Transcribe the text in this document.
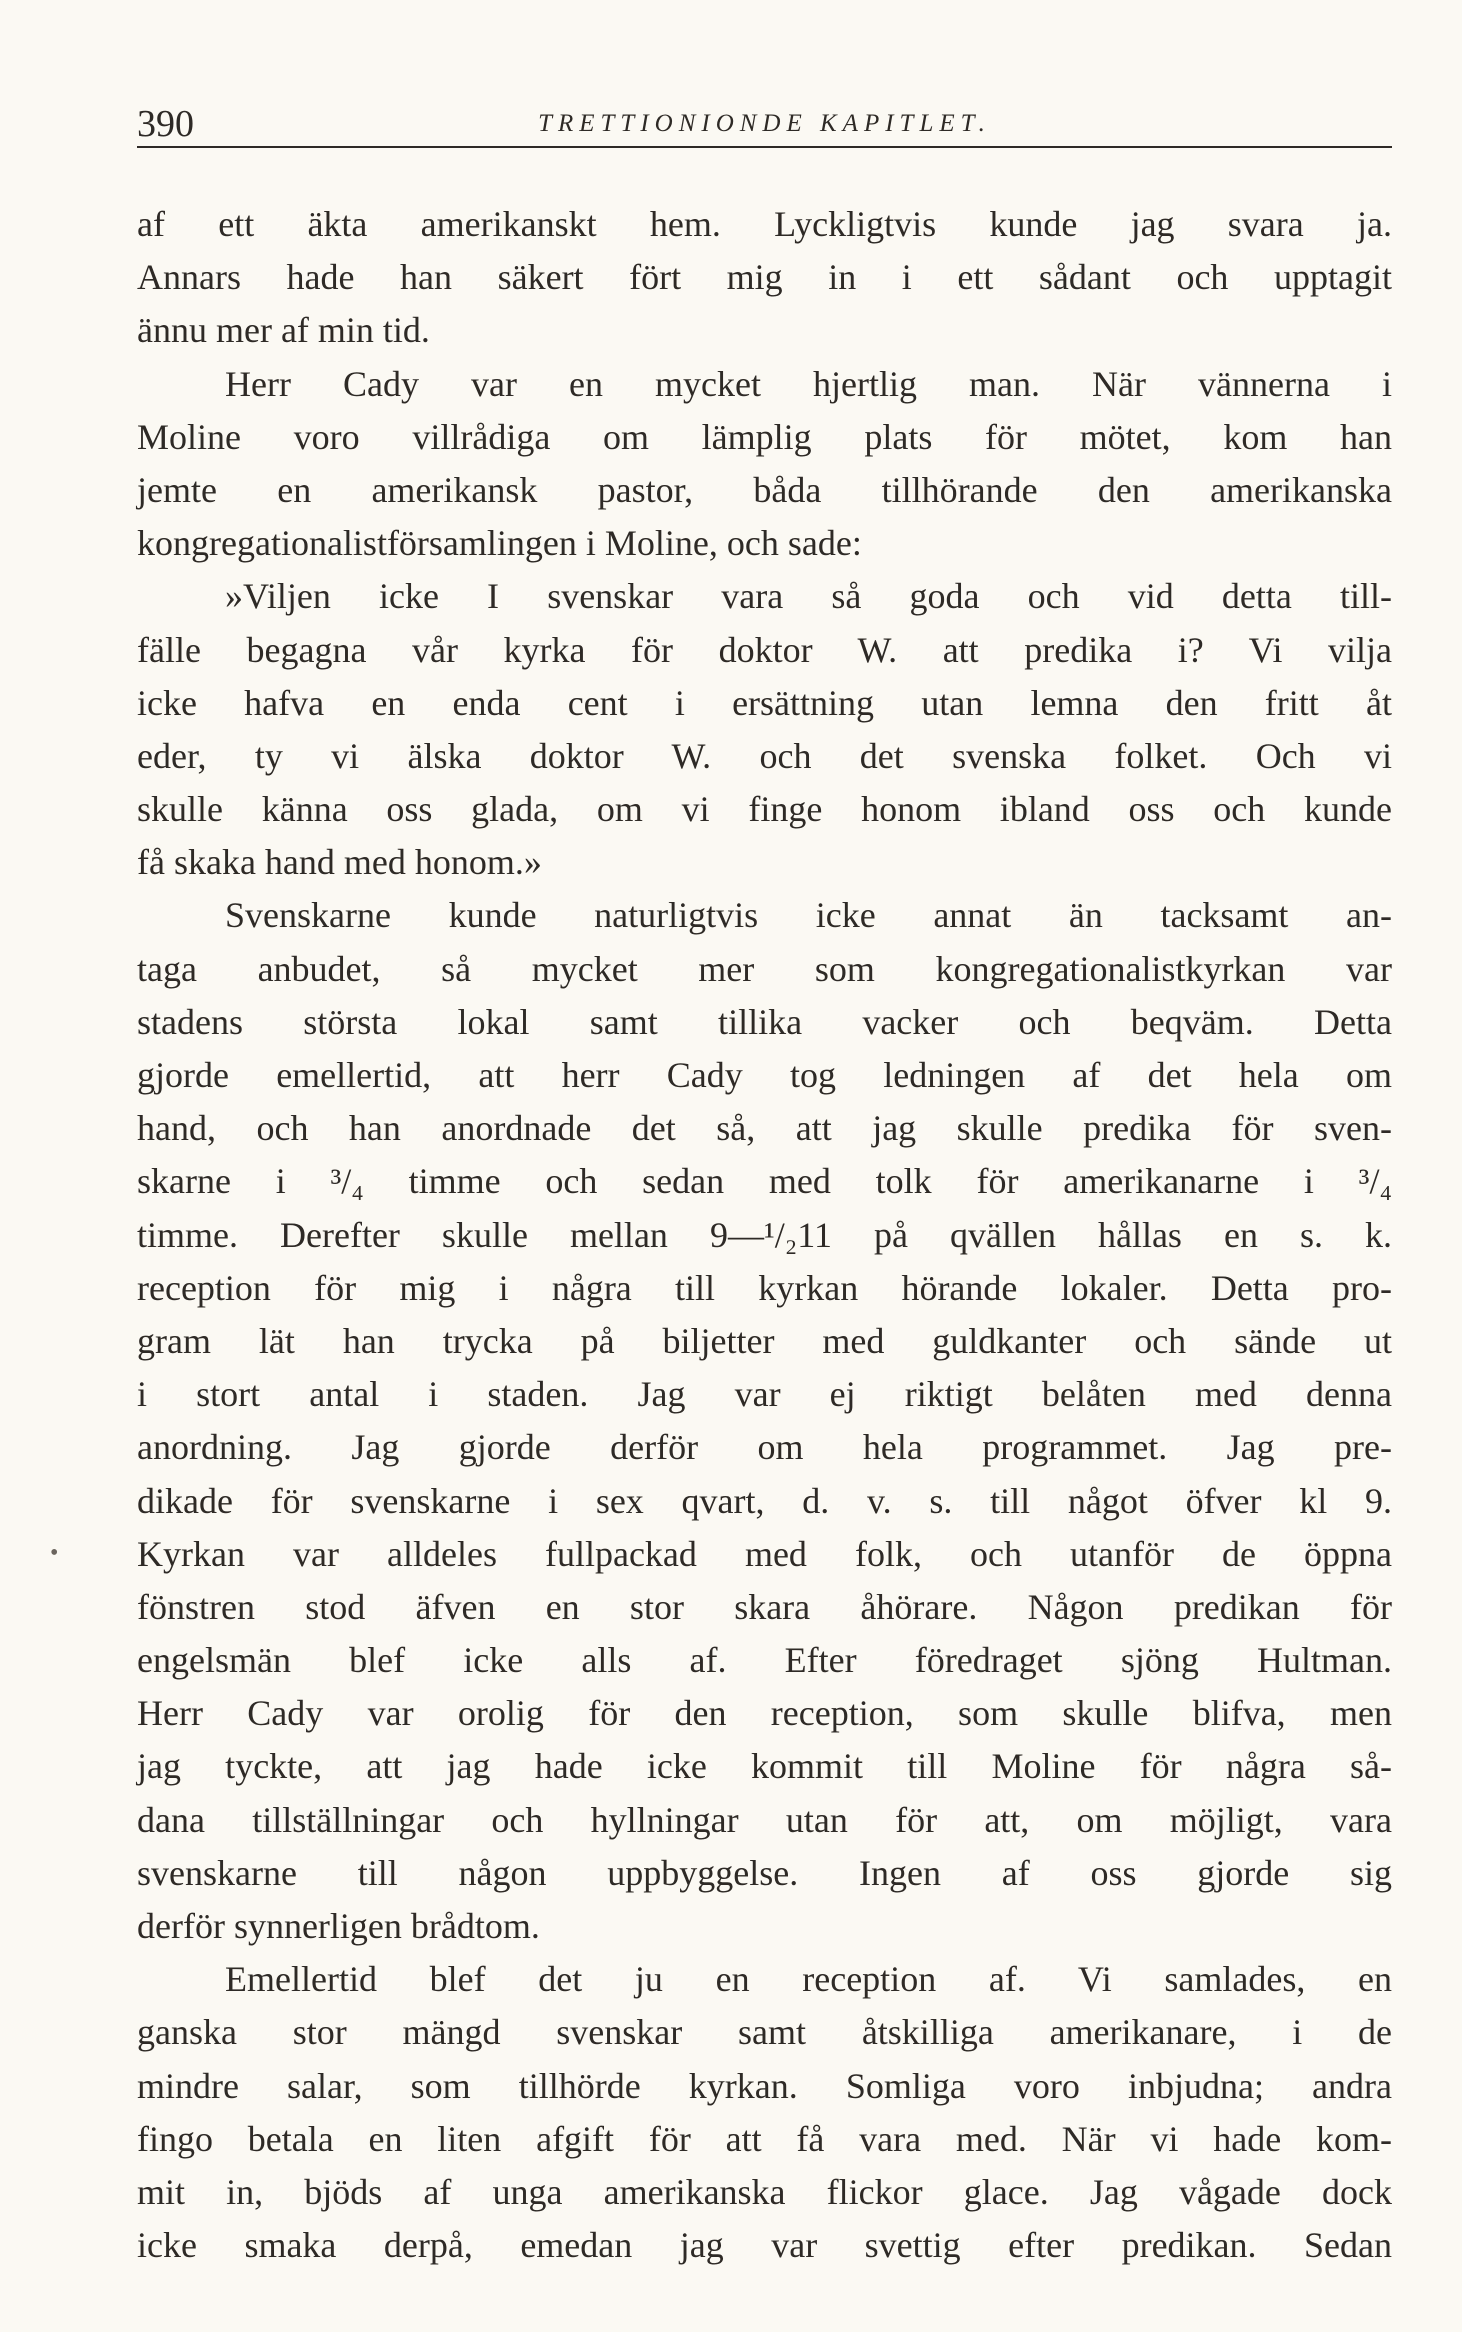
390	TRETTIONIONDE KAPITLET.
•
af ett äkta amerikanskt hem. Lyckligtvis kunde jag svara ja.
Annars hade han säkert fört mig in i ett sådant och upptagit
ännu mer af min tid.
Herr Cady var en mycket hjertlig man. När vännerna i
Moline voro villrådiga om lämplig plats för mötet, kom han
jemte en amerikansk pastor, båda tillhörande den amerikanska
kongregationalistförsamlingen i Moline, och sade:
»Viljen icke I svenskar vara så goda och vid detta till-
fälle begagna vår kyrka för doktor W. att predika i? Vi vilja
icke hafva en enda cent i ersättning utan lemna den fritt åt
eder, ty vi älska doktor W. och det svenska folket. Och vi
skulle känna oss glada, om vi finge honom ibland oss och kunde
få skaka hand med honom.»
Svenskarne kunde naturligtvis icke annat än tacksamt an-
taga anbudet, så mycket mer som kongregationalistkyrkan var
stadens största lokal samt tillika vacker och beqväm. Detta
gjorde emellertid, att herr Cady tog ledningen af det hela om
hand, och han anordnade det så, att jag skulle predika för sven-
skarne i ³/₄ timme och sedan med tolk för amerikanarne i ³/₄
timme. Derefter skulle mellan 9—¹/₂11 på qvällen hållas en s. k.
reception för mig i några till kyrkan hörande lokaler. Detta pro-
gram lät han trycka på biljetter med guldkanter och sände ut
i stort antal i staden. Jag var ej riktigt belåten med denna
anordning. Jag gjorde derför om hela programmet. Jag pre-
dikade för svenskarne i sex qvart, d. v. s. till något öfver kl 9.
Kyrkan var alldeles fullpackad med folk, och utanför de öppna
fönstren stod äfven en stor skara åhörare. Någon predikan för
engelsmän blef icke alls af. Efter föredraget sjöng Hultman.
Herr Cady var orolig för den reception, som skulle blifva, men
jag tyckte, att jag hade icke kommit till Moline för några så-
dana tillställningar och hyllningar utan för att, om möjligt, vara
svenskarne till någon uppbyggelse. Ingen af oss gjorde sig
derför synnerligen brådtom.
Emellertid blef det ju en reception af. Vi samlades, en
ganska stor mängd svenskar samt åtskilliga amerikanare, i de
mindre salar, som tillhörde kyrkan. Somliga voro inbjudna; andra
fingo betala en liten afgift för att få vara med. När vi hade kom-
mit in, bjöds af unga amerikanska flickor glace. Jag vågade dock
icke smaka derpå, emedan jag var svettig efter predikan. Sedan
